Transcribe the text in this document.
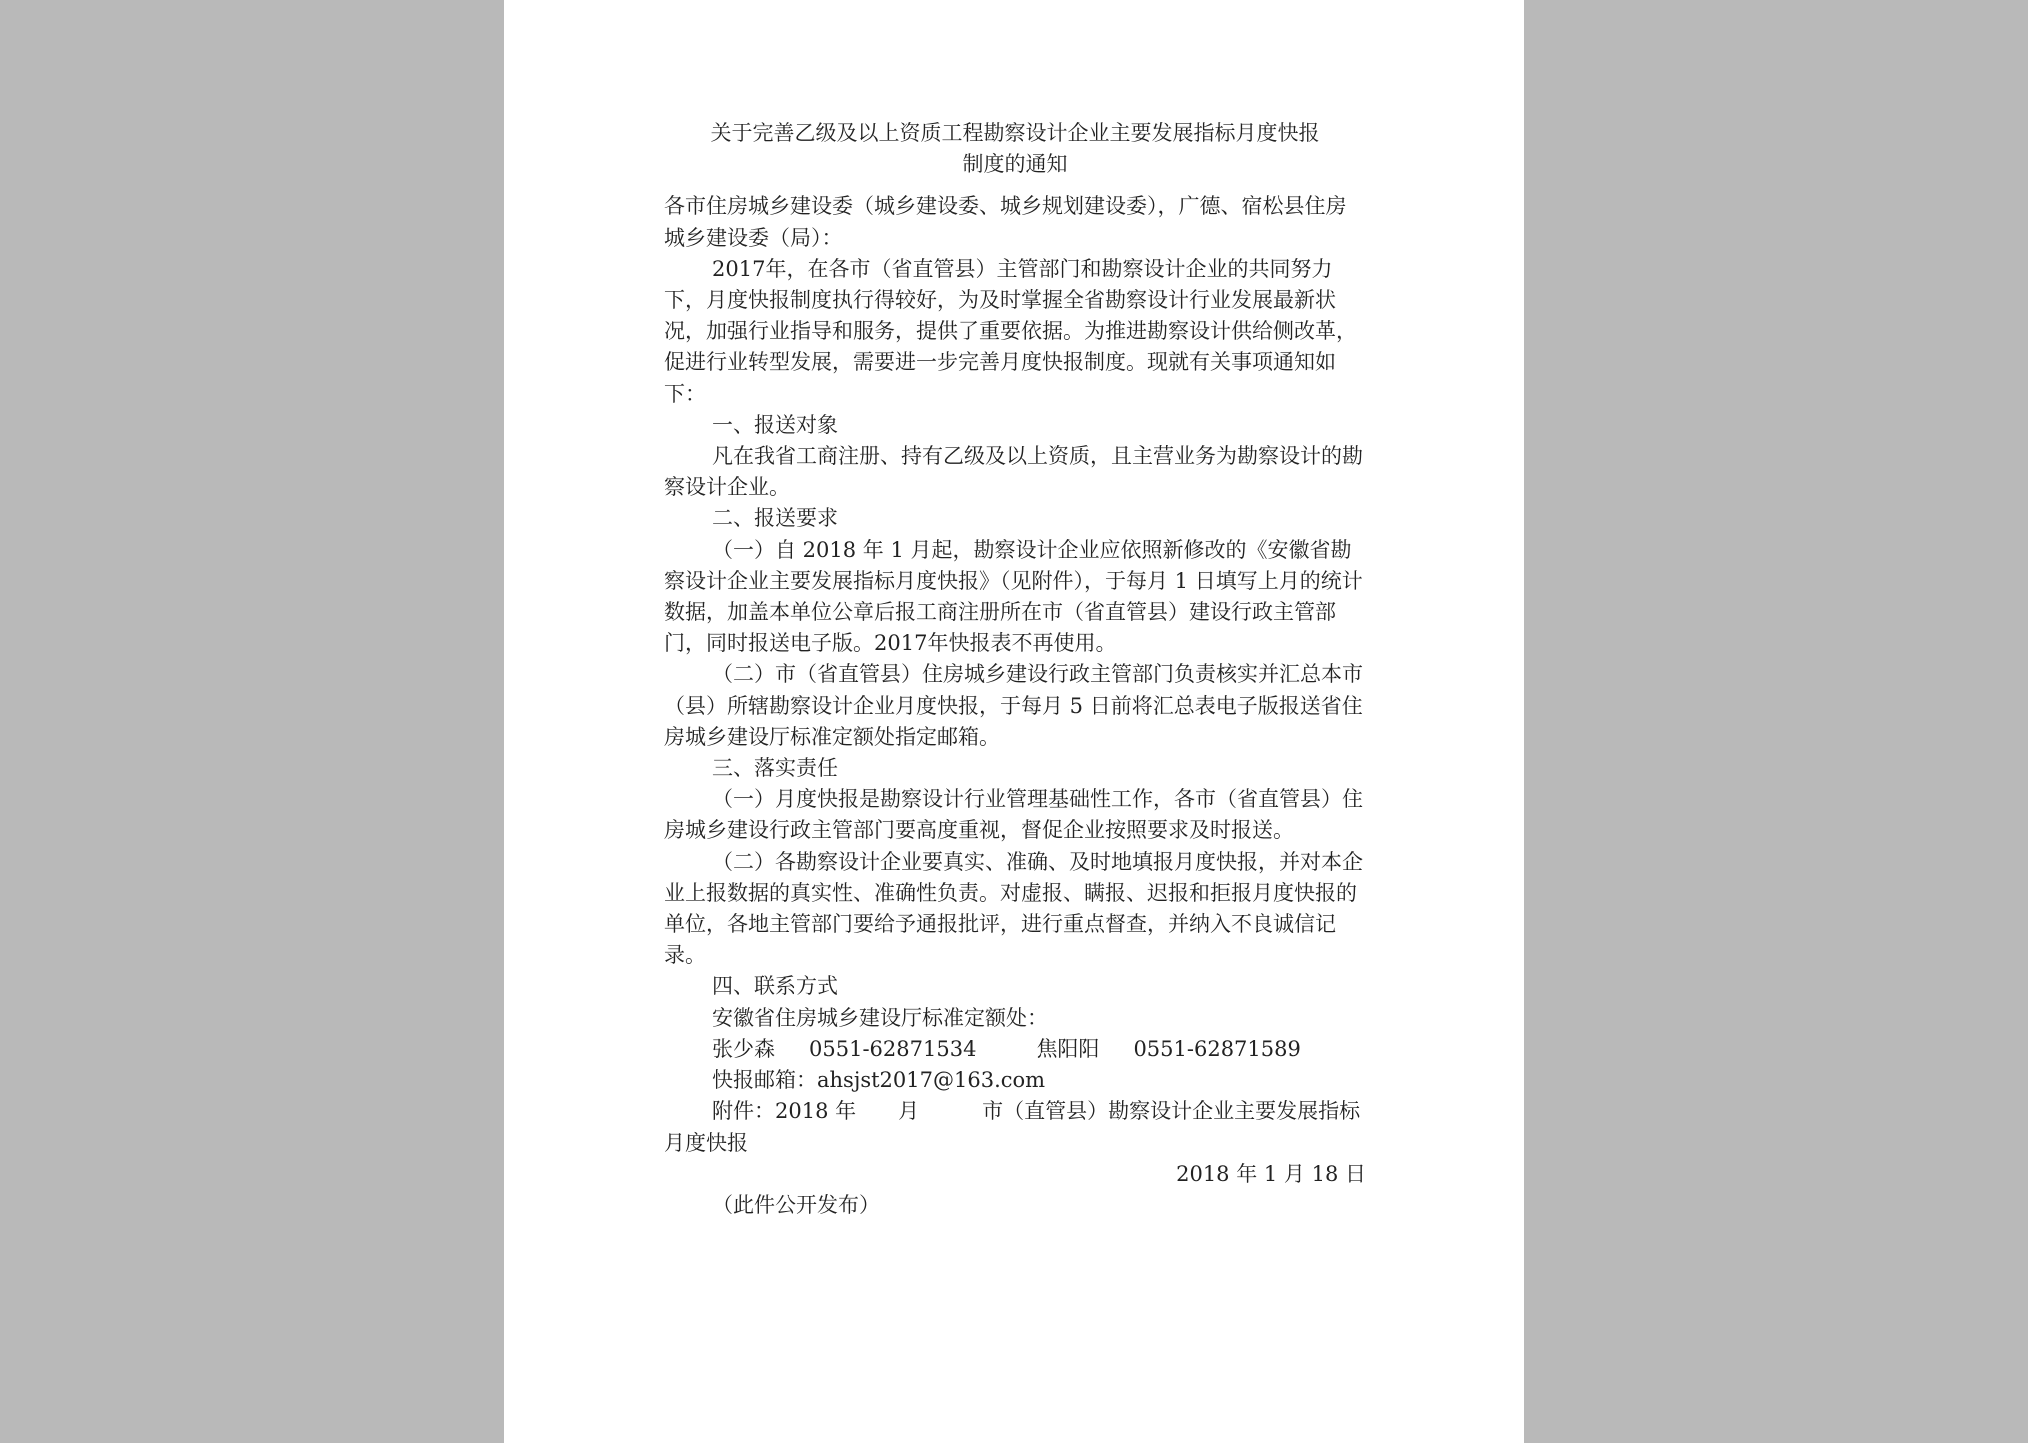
关于完善乙级及以上资质工程勘察设计企业主要发展指标月度快报

制度的通知

各市住房城乡建设委（城乡建设委、城乡规划建设委），广德、宿松县住房城乡建设委（局）：

2017年，在各市（省直管县）主管部门和勘察设计企业的共同努力下，月度快报制度执行得较好，为及时掌握全省勘察设计行业发展最新状况，加强行业指导和服务，提供了重要依据。为推进勘察设计供给侧改革，促进行业转型发展，需要进一步完善月度快报制度。现就有关事项通知如下：

一、报送对象

凡在我省工商注册、持有乙级及以上资质，且主营业务为勘察设计的勘察设计企业。

二、报送要求

（一）自 2018 年 1 月起，勘察设计企业应依照新修改的《安徽省勘察设计企业主要发展指标月度快报》（见附件），于每月 1 日填写上月的统计数据，加盖本单位公章后报工商注册所在市（省直管县）建设行政主管部门，同时报送电子版。2017年快报表不再使用。

（二）市（省直管县）住房城乡建设行政主管部门负责核实并汇总本市（县）所辖勘察设计企业月度快报，于每月 5 日前将汇总表电子版报送省住房城乡建设厅标准定额处指定邮箱。

三、落实责任

（一）月度快报是勘察设计行业管理基础性工作，各市（省直管县）住房城乡建设行政主管部门要高度重视，督促企业按照要求及时报送。

（二）各勘察设计企业要真实、准确、及时地填报月度快报，并对本企业上报数据的真实性、准确性负责。对虚报、瞒报、迟报和拒报月度快报的单位，各地主管部门要给予通报批评，进行重点督查，并纳入不良诚信记录。

四、联系方式

安徽省住房城乡建设厅标准定额处：

张少森 0551-62871534	焦阳阳 0551-62871589

快报邮箱：ahsjst2017@163.com

附件：2018 年　　月　　　市（直管县）勘察设计企业主要发展指标月度快报

2018 年 1 月 18 日

（此件公开发布）
